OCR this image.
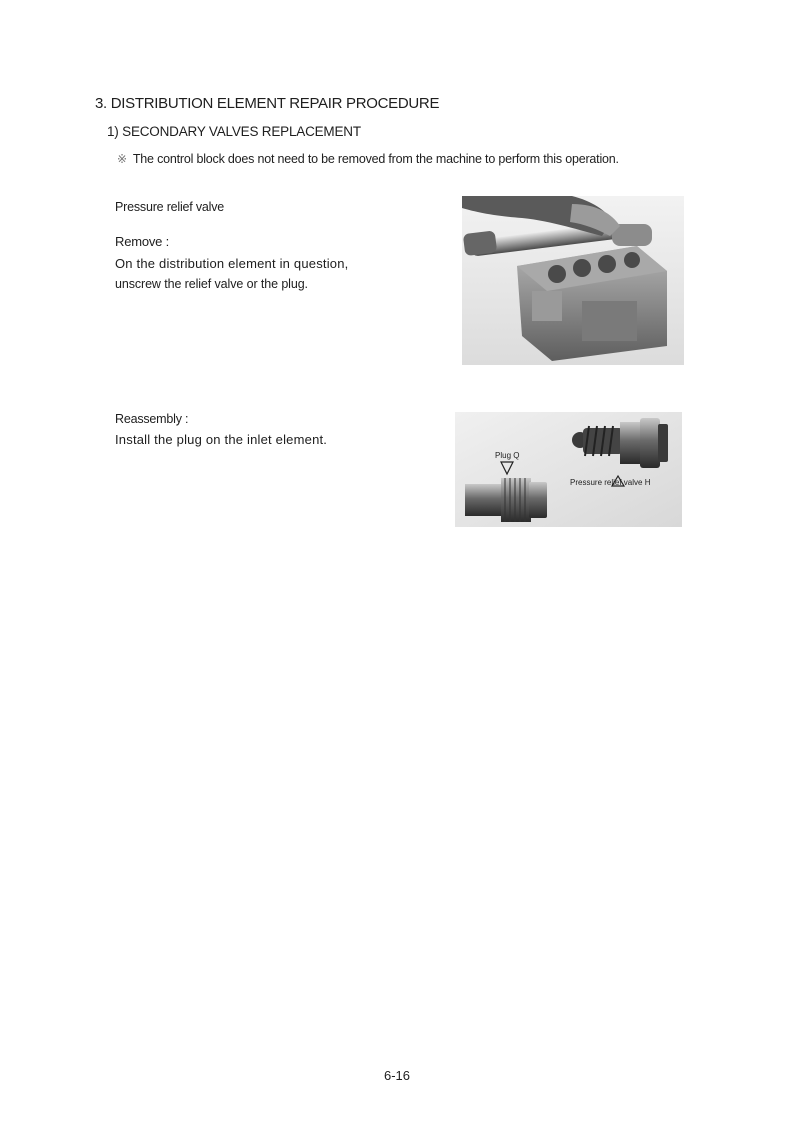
3. DISTRIBUTION ELEMENT REPAIR PROCEDURE
1) SECONDARY VALVES REPLACEMENT
※ The control block does not need to be removed from the machine to perform this operation.
Pressure relief valve
Remove :
On the distribution element in question,
unscrew the relief valve or the plug.
Reassembly :
Install the plug on the inlet element.
Plug Q
Pressure relief valve H
6-16
